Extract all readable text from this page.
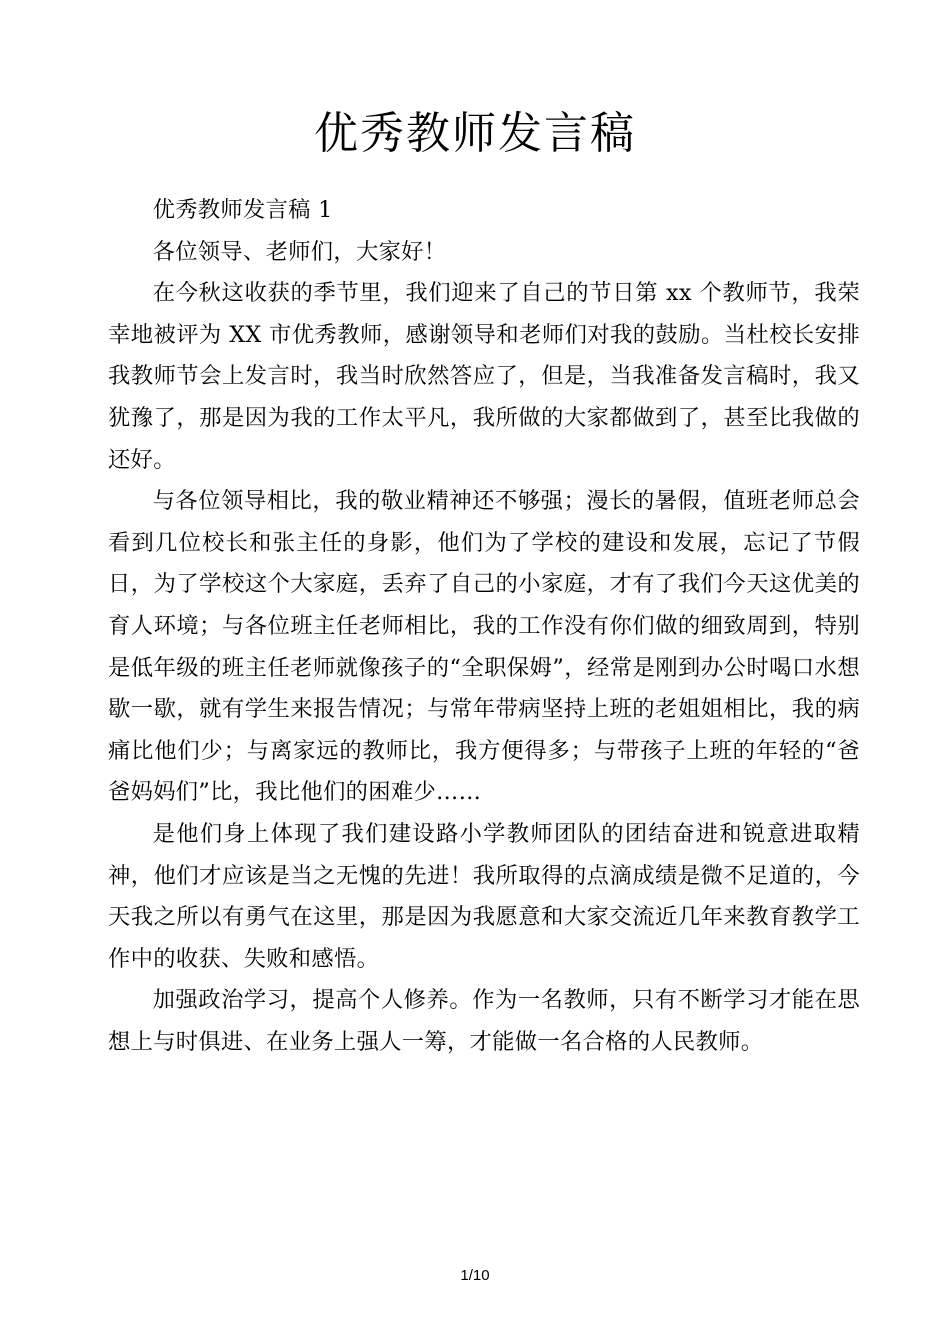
优秀教师发言稿

优秀教师发言稿 1

各位领导、老师们，大家好！

在今秋这收获的季节里，我们迎来了自己的节日第 xx 个教师节，我荣幸地被评为 XX 市优秀教师，感谢领导和老师们对我的鼓励。当杜校长安排我教师节会上发言时，我当时欣然答应了，但是，当我准备发言稿时，我又犹豫了，那是因为我的工作太平凡，我所做的大家都做到了，甚至比我做的还好。

与各位领导相比，我的敬业精神还不够强；漫长的暑假，值班老师总会看到几位校长和张主任的身影，他们为了学校的建设和发展，忘记了节假日，为了学校这个大家庭，丢弃了自己的小家庭，才有了我们今天这优美的育人环境；与各位班主任老师相比，我的工作没有你们做的细致周到，特别是低年级的班主任老师就像孩子的“全职保姆”，经常是刚到办公时喝口水想歇一歇，就有学生来报告情况；与常年带病坚持上班的老姐姐相比，我的病痛比他们少；与离家远的教师比，我方便得多；与带孩子上班的年轻的“爸爸妈妈们”比，我比他们的困难少……

是他们身上体现了我们建设路小学教师团队的团结奋进和锐意进取精神，他们才应该是当之无愧的先进！我所取得的点滴成绩是微不足道的，今天我之所以有勇气在这里，那是因为我愿意和大家交流近几年来教育教学工作中的收获、失败和感悟。

加强政治学习，提高个人修养。作为一名教师，只有不断学习才能在思想上与时俱进、在业务上强人一筹，才能做一名合格的人民教师。

1/10
